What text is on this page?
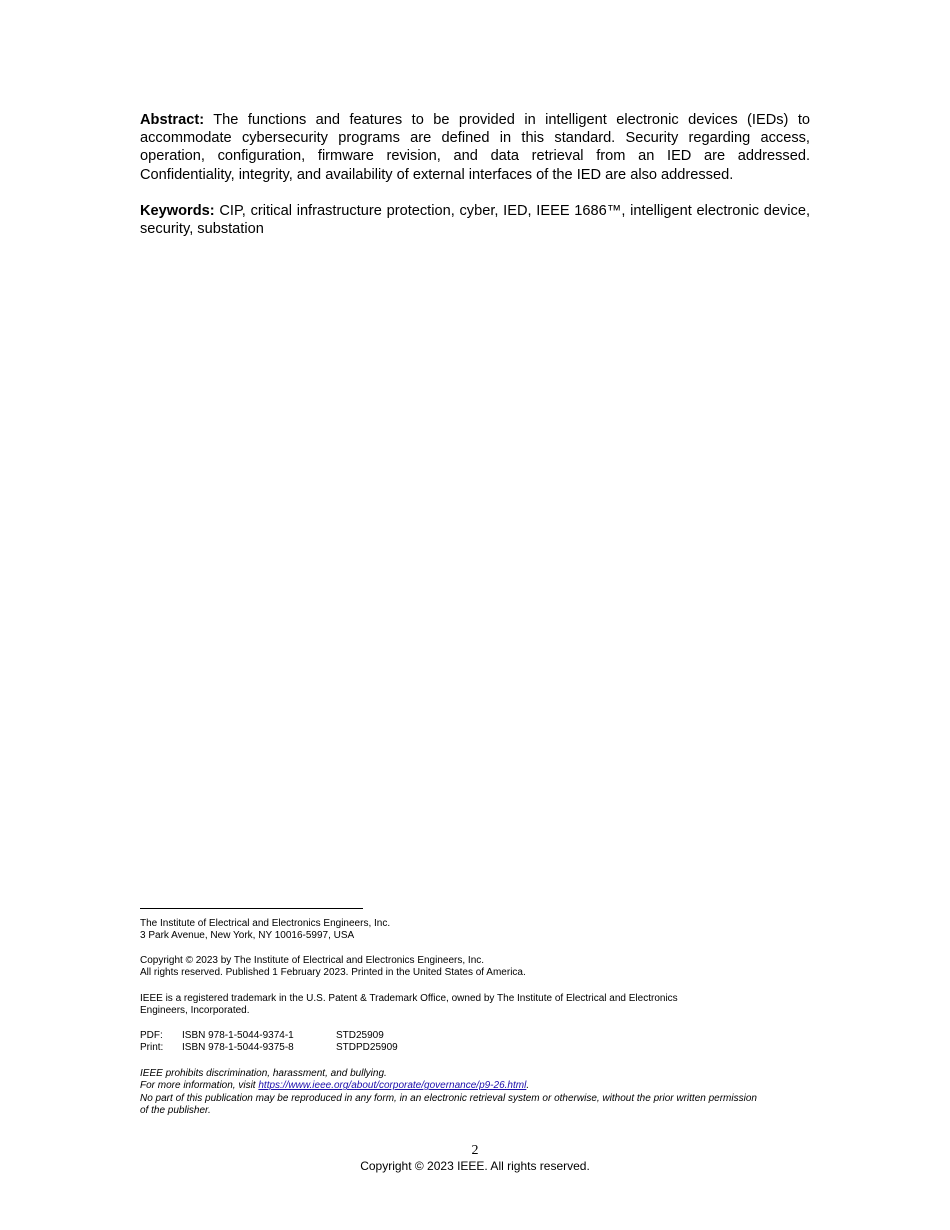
Abstract: The functions and features to be provided in intelligent electronic devices (IEDs) to accommodate cybersecurity programs are defined in this standard. Security regarding access, operation, configuration, firmware revision, and data retrieval from an IED are addressed. Confidentiality, integrity, and availability of external interfaces of the IED are also addressed.

Keywords: CIP, critical infrastructure protection, cyber, IED, IEEE 1686™, intelligent electronic device, security, substation

The Institute of Electrical and Electronics Engineers, Inc.
3 Park Avenue, New York, NY 10016-5997, USA
Copyright © 2023 by The Institute of Electrical and Electronics Engineers, Inc.
All rights reserved. Published 1 February 2023. Printed in the United States of America.
IEEE is a registered trademark in the U.S. Patent & Trademark Office, owned by The Institute of Electrical and Electronics
Engineers, Incorporated.
PDF:	ISBN 978-1-5044-9374-1	STD25909
Print:	ISBN 978-1-5044-9375-8	STDPD25909
IEEE prohibits discrimination, harassment, and bullying.
For more information, visit https://www.ieee.org/about/corporate/governance/p9-26.html.
No part of this publication may be reproduced in any form, in an electronic retrieval system or otherwise, without the prior written permission
of the publisher.
2
Copyright © 2023 IEEE. All rights reserved.
